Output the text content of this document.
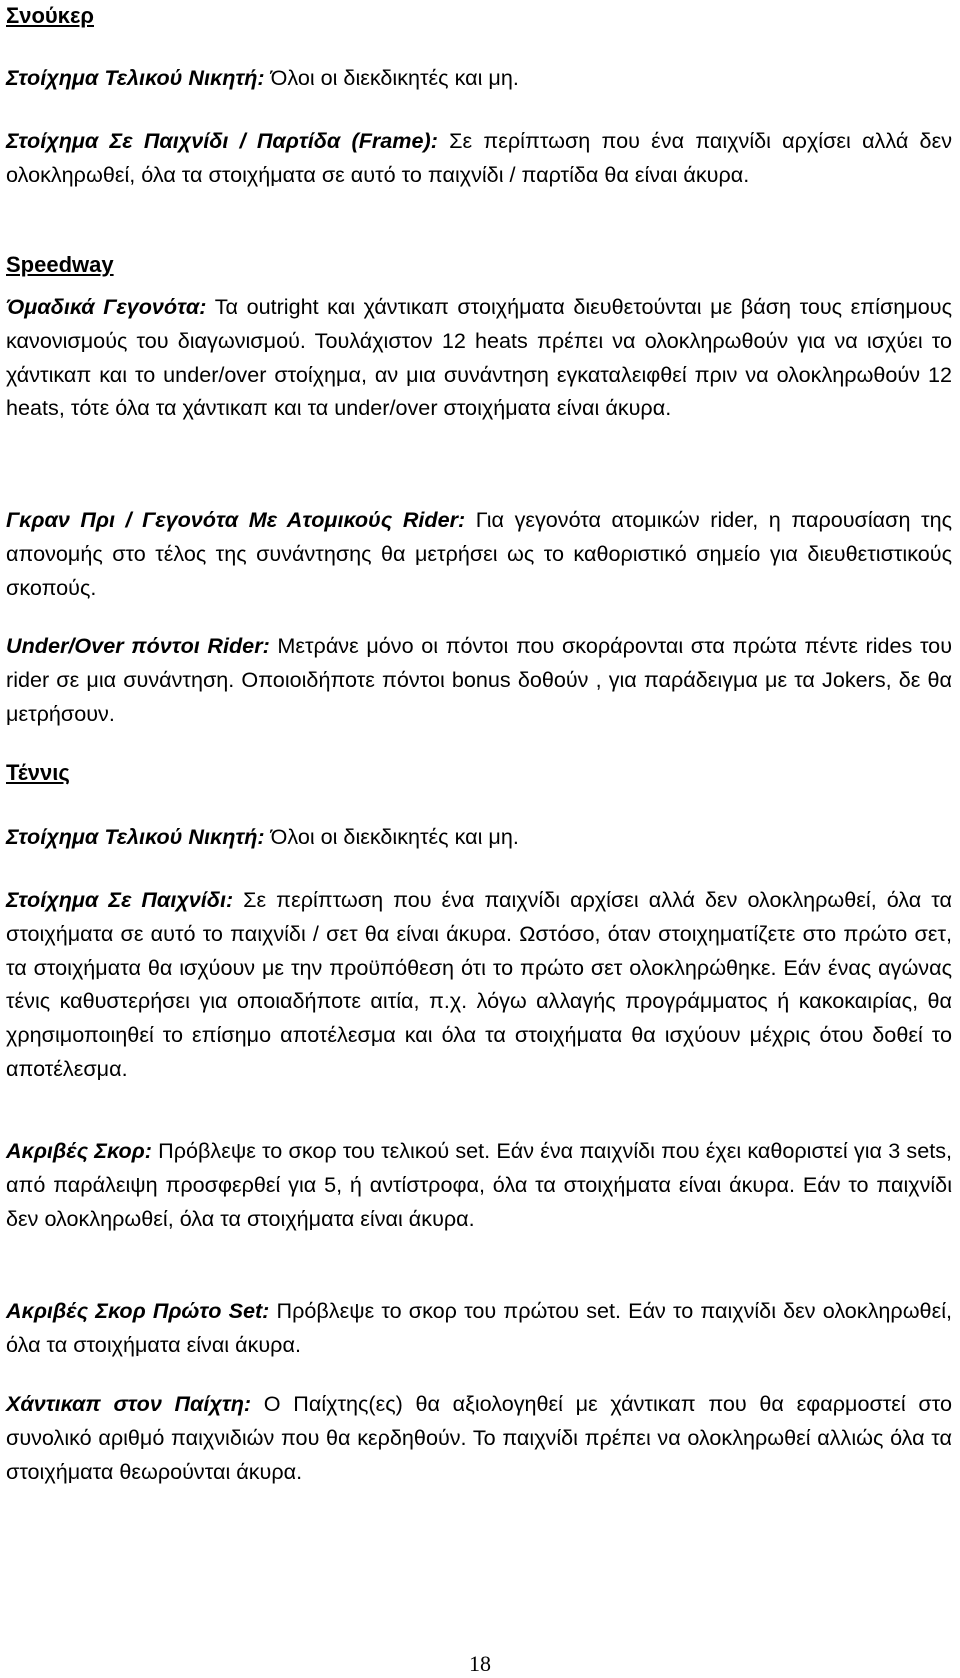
Σνούκερ

Στοίχημα Τελικού Νικητή: Όλοι οι διεκδικητές και μη.

Στοίχημα Σε Παιχνίδι / Παρτίδα (Frame): Σε περίπτωση που ένα παιχνίδι αρχίσει αλλά δεν ολοκληρωθεί, όλα τα στοιχήματα σε αυτό το παιχνίδι / παρτίδα θα είναι άκυρα.

Speedway

Όμαδικά Γεγονότα: Τα outright και χάντικαπ στοιχήματα διευθετούνται με βάση τους επίσημους κανονισμούς του διαγωνισμού. Τουλάχιστον 12 heats πρέπει να ολοκληρωθούν για να ισχύει το χάντικαπ και το under/over στοίχημα, αν μια συνάντηση εγκαταλειφθεί πριν να ολοκληρωθούν 12 heats, τότε όλα τα χάντικαπ και τα under/over στοιχήματα είναι άκυρα.

Γκραν Πρι / Γεγονότα Με Ατομικούς Rider: Για γεγονότα ατομικών rider, η παρουσίαση της απονομής στο τέλος της συνάντησης θα μετρήσει ως το καθοριστικό σημείο για διευθετιστικούς σκοπούς.

Under/Over πόντοι Rider: Μετράνε μόνο οι πόντοι που σκοράρονται στα πρώτα πέντε rides του rider σε μια συνάντηση. Οποιοιδήποτε πόντοι bonus δοθούν , για παράδειγμα με τα Jokers, δε θα μετρήσουν.

Τέννις

Στοίχημα Τελικού Νικητή: Όλοι οι διεκδικητές και μη.

Στοίχημα Σε Παιχνίδι: Σε περίπτωση που ένα παιχνίδι αρχίσει αλλά δεν ολοκληρωθεί, όλα τα στοιχήματα σε αυτό το παιχνίδι / σετ θα είναι άκυρα. Ωστόσο, όταν στοιχηματίζετε στο πρώτο σετ, τα στοιχήματα θα ισχύουν με την προϋπόθεση ότι το πρώτο σετ ολοκληρώθηκε. Εάν ένας αγώνας τένις καθυστερήσει για οποιαδήποτε αιτία, π.χ. λόγω αλλαγής προγράμματος ή κακοκαιρίας, θα χρησιμοποιηθεί το επίσημο αποτέλεσμα και όλα τα στοιχήματα θα ισχύουν μέχρις ότου δοθεί το αποτέλεσμα.

Ακριβές Σκορ: Πρόβλεψε το σκορ του τελικού set. Εάν ένα παιχνίδι που έχει καθοριστεί για 3 sets, από παράλειψη προσφερθεί για 5, ή αντίστροφα, όλα τα στοιχήματα είναι άκυρα. Εάν το παιχνίδι δεν ολοκληρωθεί, όλα τα στοιχήματα είναι άκυρα.

Ακριβές Σκορ Πρώτο Set: Πρόβλεψε το σκορ του πρώτου set. Εάν το παιχνίδι δεν ολοκληρωθεί, όλα τα στοιχήματα είναι άκυρα.

Χάντικαπ στον Παίχτη: Ο Παίχτης(ες) θα αξιολογηθεί με χάντικαπ που θα εφαρμοστεί στο συνολικό αριθμό παιχνιδιών που θα κερδηθούν. Το παιχνίδι πρέπει να ολοκληρωθεί αλλιώς όλα τα στοιχήματα θεωρούνται άκυρα.

18
